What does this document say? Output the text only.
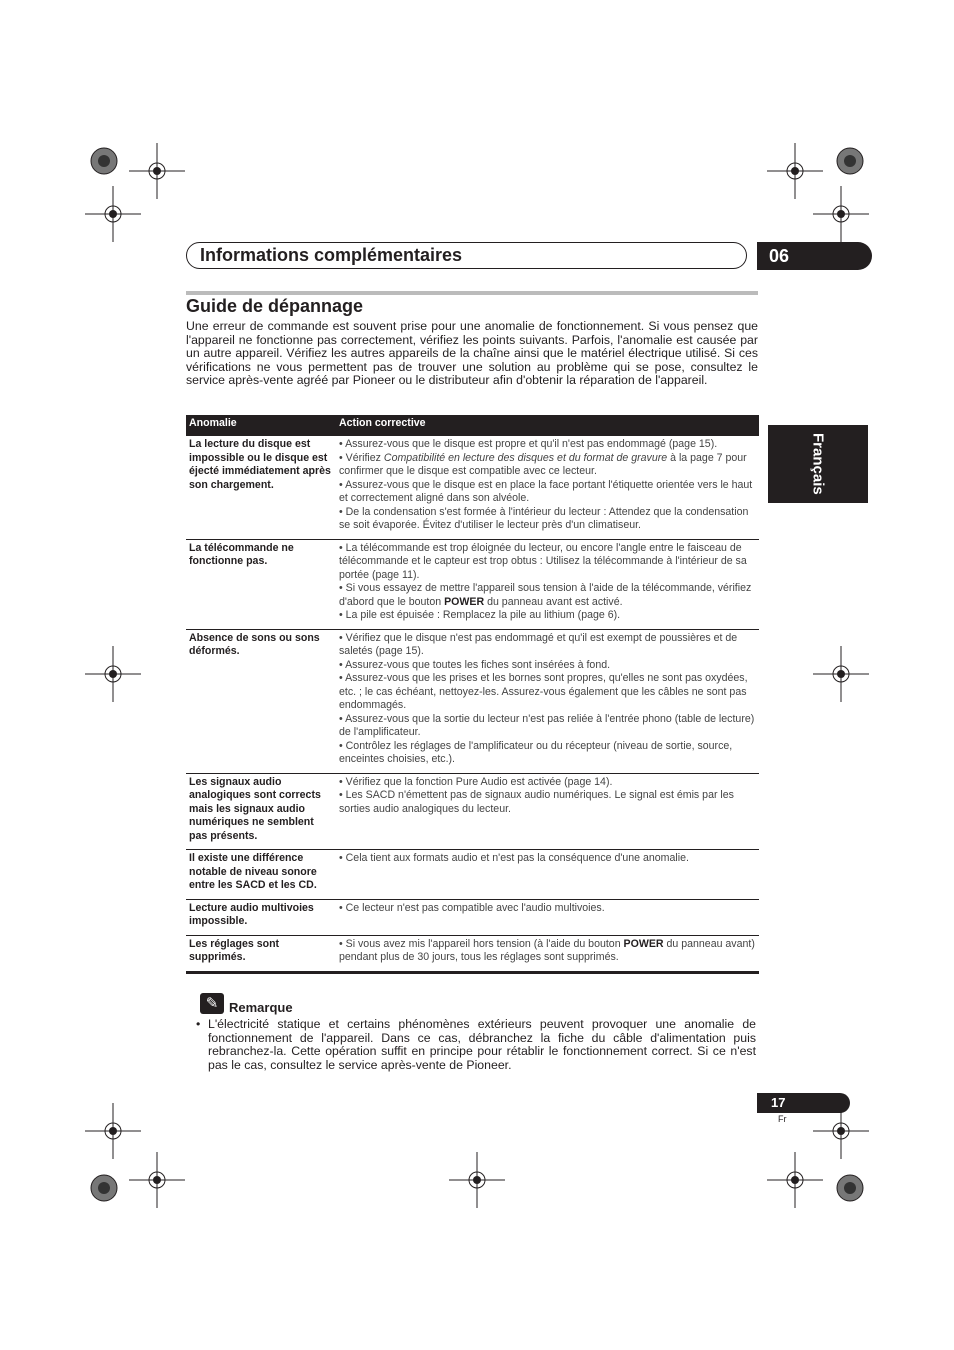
Informations complémentaires	06
Français
Guide de dépannage
Une erreur de commande est souvent prise pour une anomalie de fonctionnement. Si vous pensez que l'appareil ne fonctionne pas correctement, vérifiez les points suivants. Parfois, l'anomalie est causée par un autre appareil. Vérifiez les autres appareils de la chaîne ainsi que le matériel électrique utilisé. Si ces vérifications ne vous permettent pas de trouver une solution au problème qui se pose, consultez le service après-vente agréé par Pioneer ou le distributeur afin d'obtenir la réparation de l'appareil.
Anomalie	Action corrective
La lecture du disque est impossible ou le disque est éjecté immédiatement après son chargement.	• Assurez-vous que le disque est propre et qu'il n'est pas endommagé (page 15).
• Vérifiez Compatibilité en lecture des disques et du format de gravure à la page 7 pour confirmer que le disque est compatible avec ce lecteur.
• Assurez-vous que le disque est en place la face portant l'étiquette orientée vers le haut et correctement aligné dans son alvéole.
• De la condensation s'est formée à l'intérieur du lecteur : Attendez que la condensation se soit évaporée. Évitez d'utiliser le lecteur près d'un climatiseur.

La télécommande ne fonctionne pas.	• La télécommande est trop éloignée du lecteur, ou encore l'angle entre le faisceau de télécommande et le capteur est trop obtus : Utilisez la télécommande à l'intérieur de sa portée (page 11).
• Si vous essayez de mettre l'appareil sous tension à l'aide de la télécommande, vérifiez d'abord que le bouton POWER du panneau avant est activé.
• La pile est épuisée : Remplacez la pile au lithium (page 6).

Absence de sons ou sons déformés.	• Vérifiez que le disque n'est pas endommagé et qu'il est exempt de poussières et de saletés (page 15).
• Assurez-vous que toutes les fiches sont insérées à fond.
• Assurez-vous que les prises et les bornes sont propres, qu'elles ne sont pas oxydées, etc. ; le cas échéant, nettoyez-les. Assurez-vous également que les câbles ne sont pas endommagés.
• Assurez-vous que la sortie du lecteur n'est pas reliée à l'entrée phono (table de lecture) de l'amplificateur.
• Contrôlez les réglages de l'amplificateur ou du récepteur (niveau de sortie, source, enceintes choisies, etc.).

Les signaux audio analogiques sont corrects mais les signaux audio numériques ne semblent pas présents.	• Vérifiez que la fonction Pure Audio est activée (page 14).
• Les SACD n'émettent pas de signaux audio numériques. Le signal est émis par les sorties audio analogiques du lecteur.

Il existe une différence notable de niveau sonore entre les SACD et les CD.	• Cela tient aux formats audio et n'est pas la conséquence d'une anomalie.

Lecture audio multivoies impossible.	• Ce lecteur n'est pas compatible avec l'audio multivoies.

Les réglages sont supprimés.	• Si vous avez mis l'appareil hors tension (à l'aide du bouton POWER du panneau avant) pendant plus de 30 jours, tous les réglages sont supprimés.
✎ Remarque
• L'électricité statique et certains phénomènes extérieurs peuvent provoquer une anomalie de fonctionnement de l'appareil. Dans ce cas, débranchez la fiche du câble d'alimentation puis rebranchez-la. Cette opération suffit en principe pour rétablir le fonctionnement correct. Si ce n'est pas le cas, consultez le service après-vente de Pioneer.
17
Fr
